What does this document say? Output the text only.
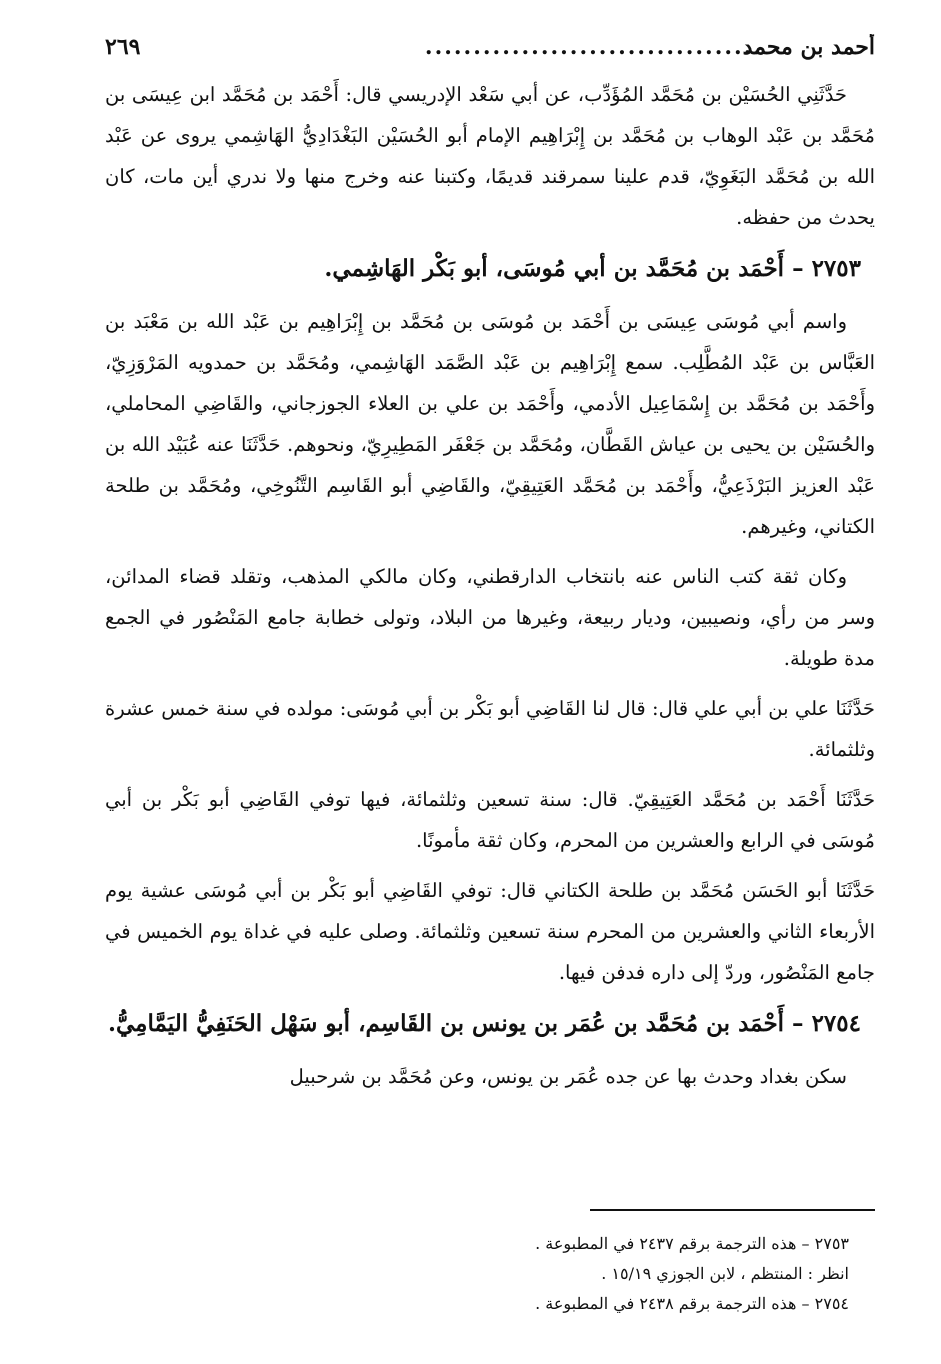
أحمد بن محمد
...................................
٢٦٩

حَدَّثَنِي الحُسَيْن بن مُحَمَّد المُؤَدِّب، عن أبي سَعْد الإدريسي قال: أَحْمَد بن مُحَمَّد ابن عِيسَى بن مُحَمَّد بن عَبْد الوهاب بن مُحَمَّد بن إِبْرَاهِيم الإمام أبو الحُسَيْن البَغْدَادِيُّ الهَاشِمي يروى عن عَبْد الله بن مُحَمَّد البَغَوِيّ، قدم علينا سمرقند قديمًا، وكتبنا عنه وخرج منها ولا ندري أين مات، كان يحدث من حفظه.

٢٧٥٣ – أَحْمَد بن مُحَمَّد بن أبي مُوسَى، أبو بَكْر الهَاشِمي.

واسم أبي مُوسَى عِيسَى بن أَحْمَد بن مُوسَى بن مُحَمَّد بن إِبْرَاهِيم بن عَبْد الله بن مَعْبَد بن العَبَّاس بن عَبْد المُطَّلِب. سمع إِبْرَاهِيم بن عَبْد الصَّمَد الهَاشِمي، ومُحَمَّد بن حمدويه المَرْوَزِيّ، وأَحْمَد بن مُحَمَّد بن إِسْمَاعِيل الأدمي، وأَحْمَد بن علي بن العلاء الجوزجاني، والقَاضِي المحاملي، والحُسَيْن بن يحيى بن عياش القَطَّان، ومُحَمَّد بن جَعْفَر المَطِيرِيّ، ونحوهم. حَدَّثَنَا عنه عُبَيْد الله بن عَبْد العزيز البَرْذَعِيُّ، وأَحْمَد بن مُحَمَّد العَتِيقِيّ، والقَاضِي أبو القَاسِم التَّنُوخِي، ومُحَمَّد بن طلحة الكتاني، وغيرهم.

وكان ثقة كتب الناس عنه بانتخاب الدارقطني، وكان مالكي المذهب، وتقلد قضاء المدائن، وسر من رأي، ونصيبين، وديار ربيعة، وغيرها من البلاد، وتولى خطابة جامع المَنْصُور في الجمع مدة طويلة.

حَدَّثَنَا علي بن أبي علي قال: قال لنا القَاضِي أبو بَكْر بن أبي مُوسَى: مولده في سنة خمس عشرة وثلثمائة.

حَدَّثَنَا أَحْمَد بن مُحَمَّد العَتِيقِيّ. قال: سنة تسعين وثلثمائة، فيها توفي القَاضِي أبو بَكْر بن أبي مُوسَى في الرابع والعشرين من المحرم، وكان ثقة مأمونًا.

حَدَّثَنَا أبو الحَسَن مُحَمَّد بن طلحة الكتاني قال: توفي القَاضِي أبو بَكْر بن أبي مُوسَى عشية يوم الأربعاء الثاني والعشرين من المحرم سنة تسعين وثلثمائة. وصلى عليه في غداة يوم الخميس في جامع المَنْصُور، وردّ إلى داره فدفن فيها.

٢٧٥٤ – أَحْمَد بن مُحَمَّد بن عُمَر بن يونس بن القَاسِم، أبو سَهْل الحَنَفِيُّ اليَمَّامِيُّ.

سكن بغداد وحدث بها عن جده عُمَر بن يونس، وعن مُحَمَّد بن شرحبيل

٢٧٥٣ – هذه الترجمة برقم ٢٤٣٧ في المطبوعة .
انظر : المنتظم ، لابن الجوزي ١٥/١٩ .
٢٧٥٤ – هذه الترجمة برقم ٢٤٣٨ في المطبوعة .
